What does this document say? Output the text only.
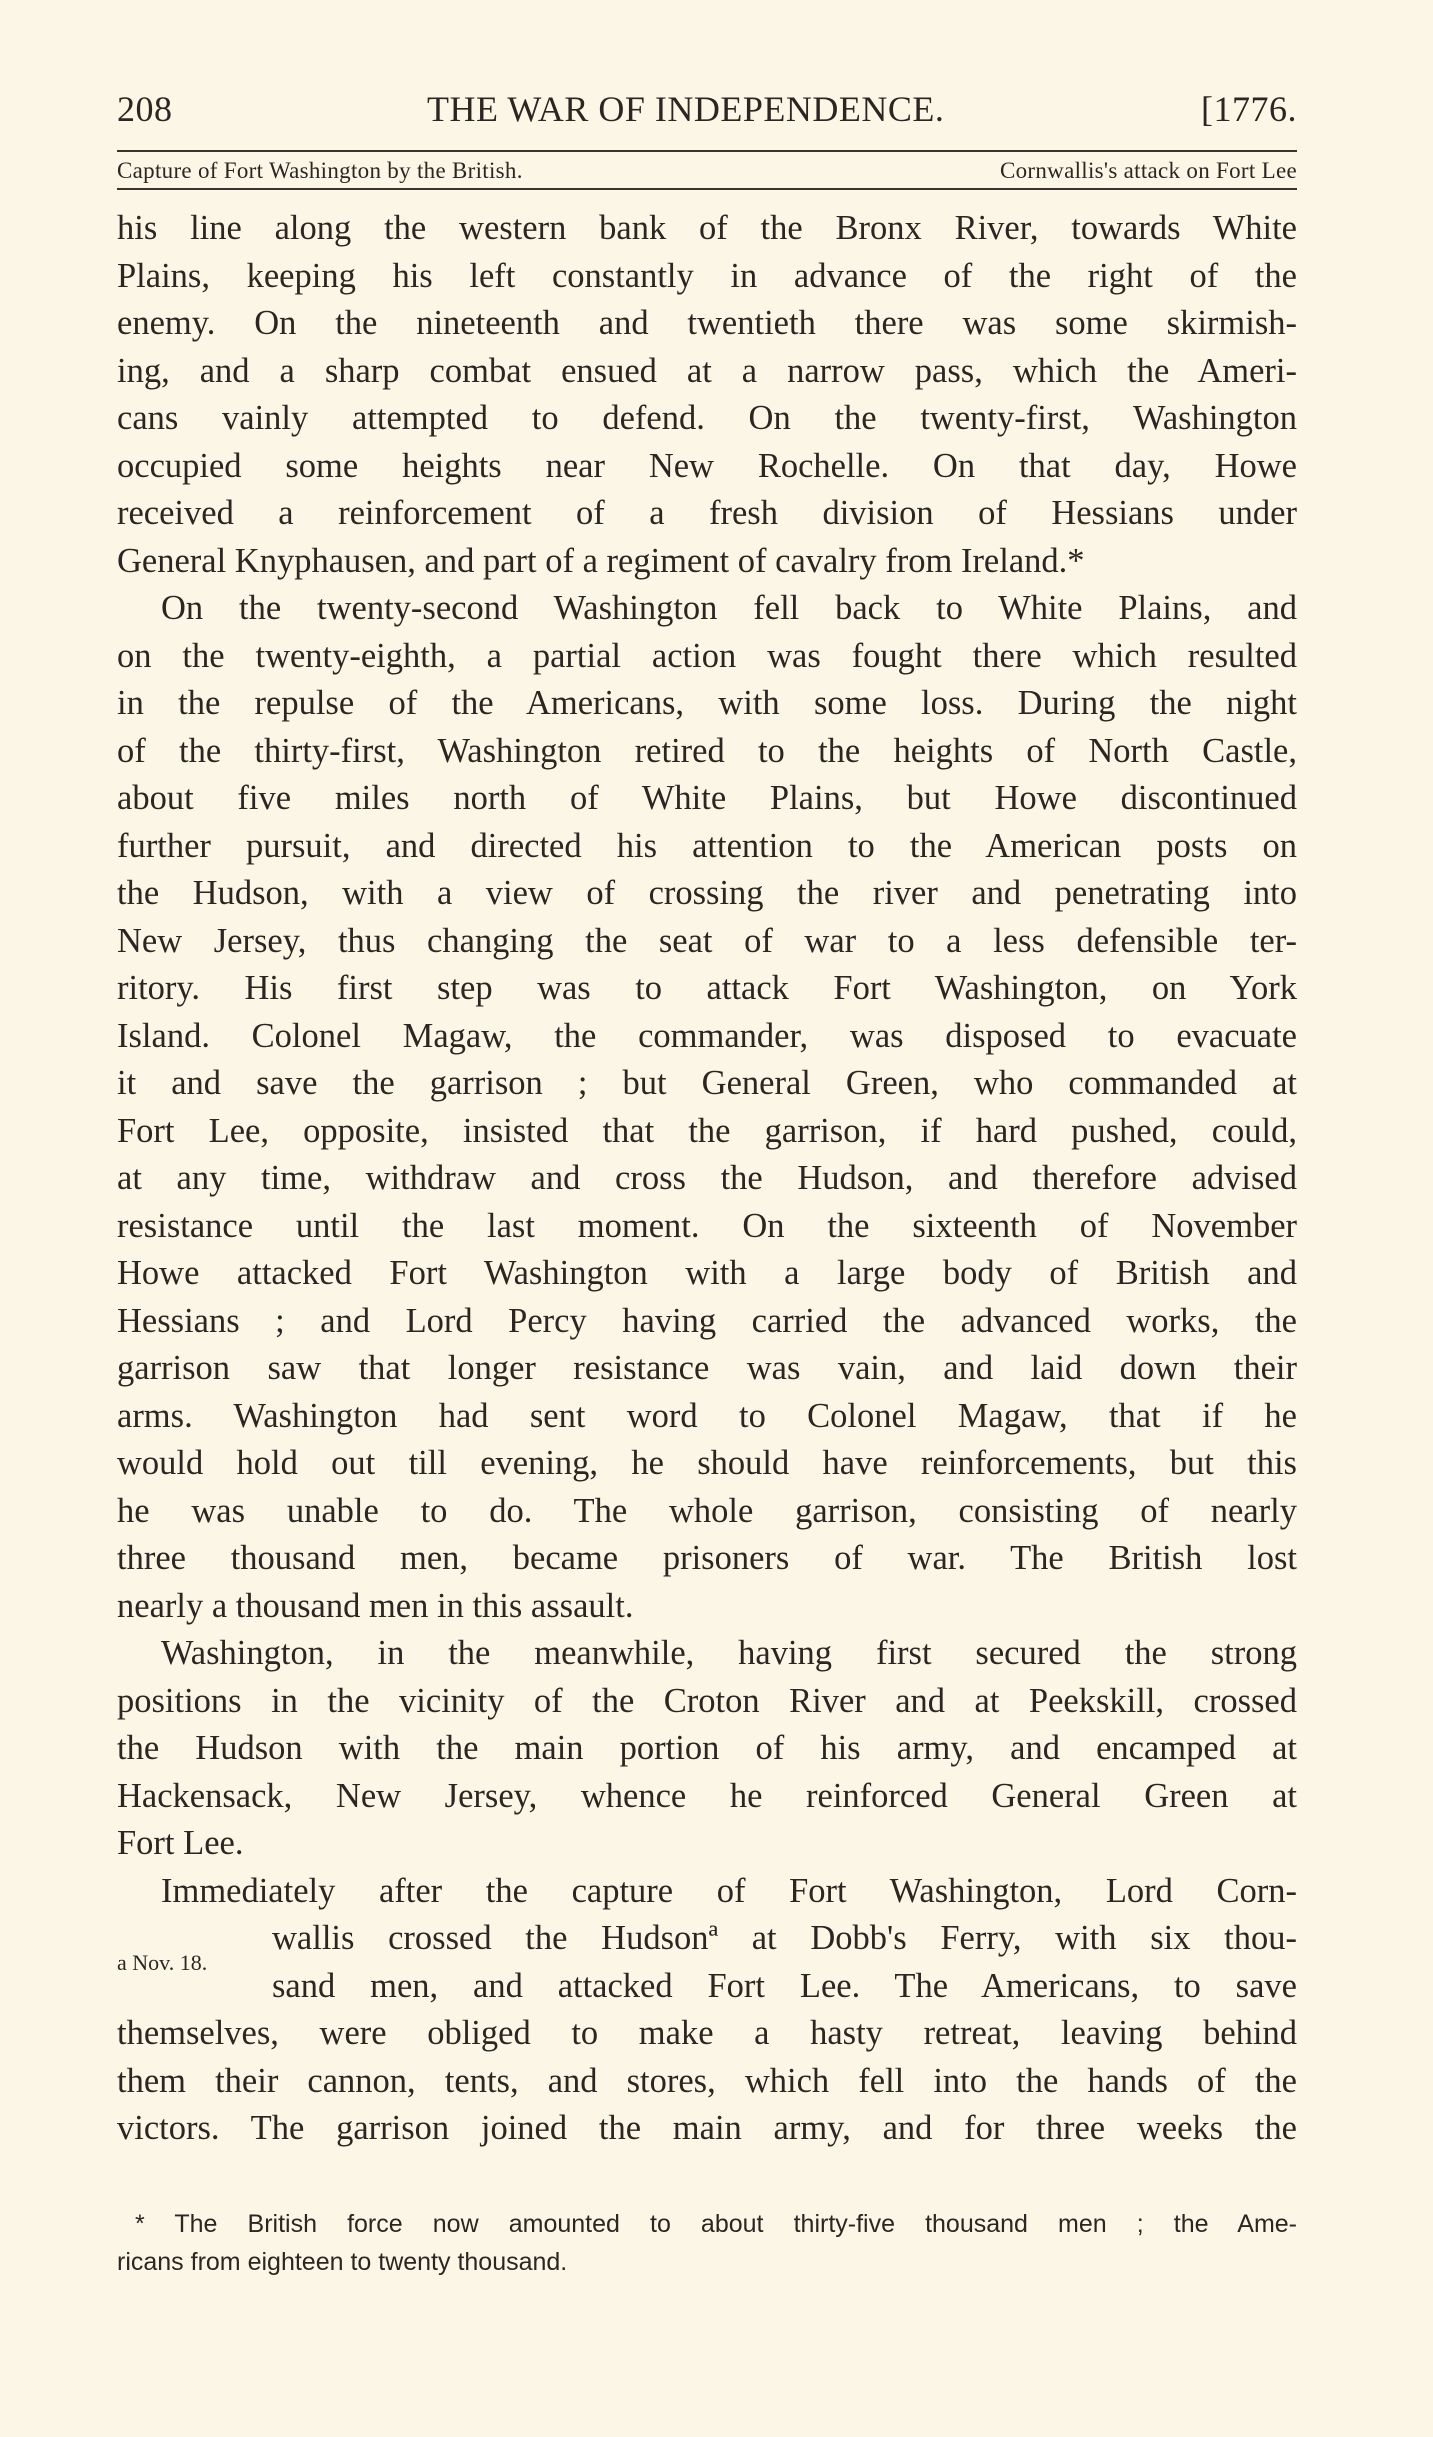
208	THE WAR OF INDEPENDENCE.	[1776.
Capture of Fort Washington by the British.	Cornwallis's attack on Fort Lee
his line along the western bank of the Bronx River, towards White
Plains, keeping his left constantly in advance of the right of the
enemy. On the nineteenth and twentieth there was some skirmish-
ing, and a sharp combat ensued at a narrow pass, which the Ameri-
cans vainly attempted to defend. On the twenty-first, Washington
occupied some heights near New Rochelle. On that day, Howe
received a reinforcement of a fresh division of Hessians under
General Knyphausen, and part of a regiment of cavalry from Ireland.*
On the twenty-second Washington fell back to White Plains, and
on the twenty-eighth, a partial action was fought there which resulted
in the repulse of the Americans, with some loss. During the night
of the thirty-first, Washington retired to the heights of North Castle,
about five miles north of White Plains, but Howe discontinued
further pursuit, and directed his attention to the American posts on
the Hudson, with a view of crossing the river and penetrating into
New Jersey, thus changing the seat of war to a less defensible ter-
ritory. His first step was to attack Fort Washington, on York
Island. Colonel Magaw, the commander, was disposed to evacuate
it and save the garrison ; but General Green, who commanded at
Fort Lee, opposite, insisted that the garrison, if hard pushed, could,
at any time, withdraw and cross the Hudson, and therefore advised
resistance until the last moment. On the sixteenth of November
Howe attacked Fort Washington with a large body of British and
Hessians ; and Lord Percy having carried the advanced works, the
garrison saw that longer resistance was vain, and laid down their
arms. Washington had sent word to Colonel Magaw, that if he
would hold out till evening, he should have reinforcements, but this
he was unable to do. The whole garrison, consisting of nearly
three thousand men, became prisoners of war. The British lost
nearly a thousand men in this assault.
Washington, in the meanwhile, having first secured the strong
positions in the vicinity of the Croton River and at Peekskill, crossed
the Hudson with the main portion of his army, and encamped at
Hackensack, New Jersey, whence he reinforced General Green at
Fort Lee.
Immediately after the capture of Fort Washington, Lord Corn-
wallis crossed the Hudsonª at Dobb's Ferry, with six thou-
sand men, and attacked Fort Lee. The Americans, to save
themselves, were obliged to make a hasty retreat, leaving behind
them their cannon, tents, and stores, which fell into the hands of the
victors. The garrison joined the main army, and for three weeks the
a Nov. 18.
* The British force now amounted to about thirty-five thousand men ; the Ame-
ricans from eighteen to twenty thousand.
